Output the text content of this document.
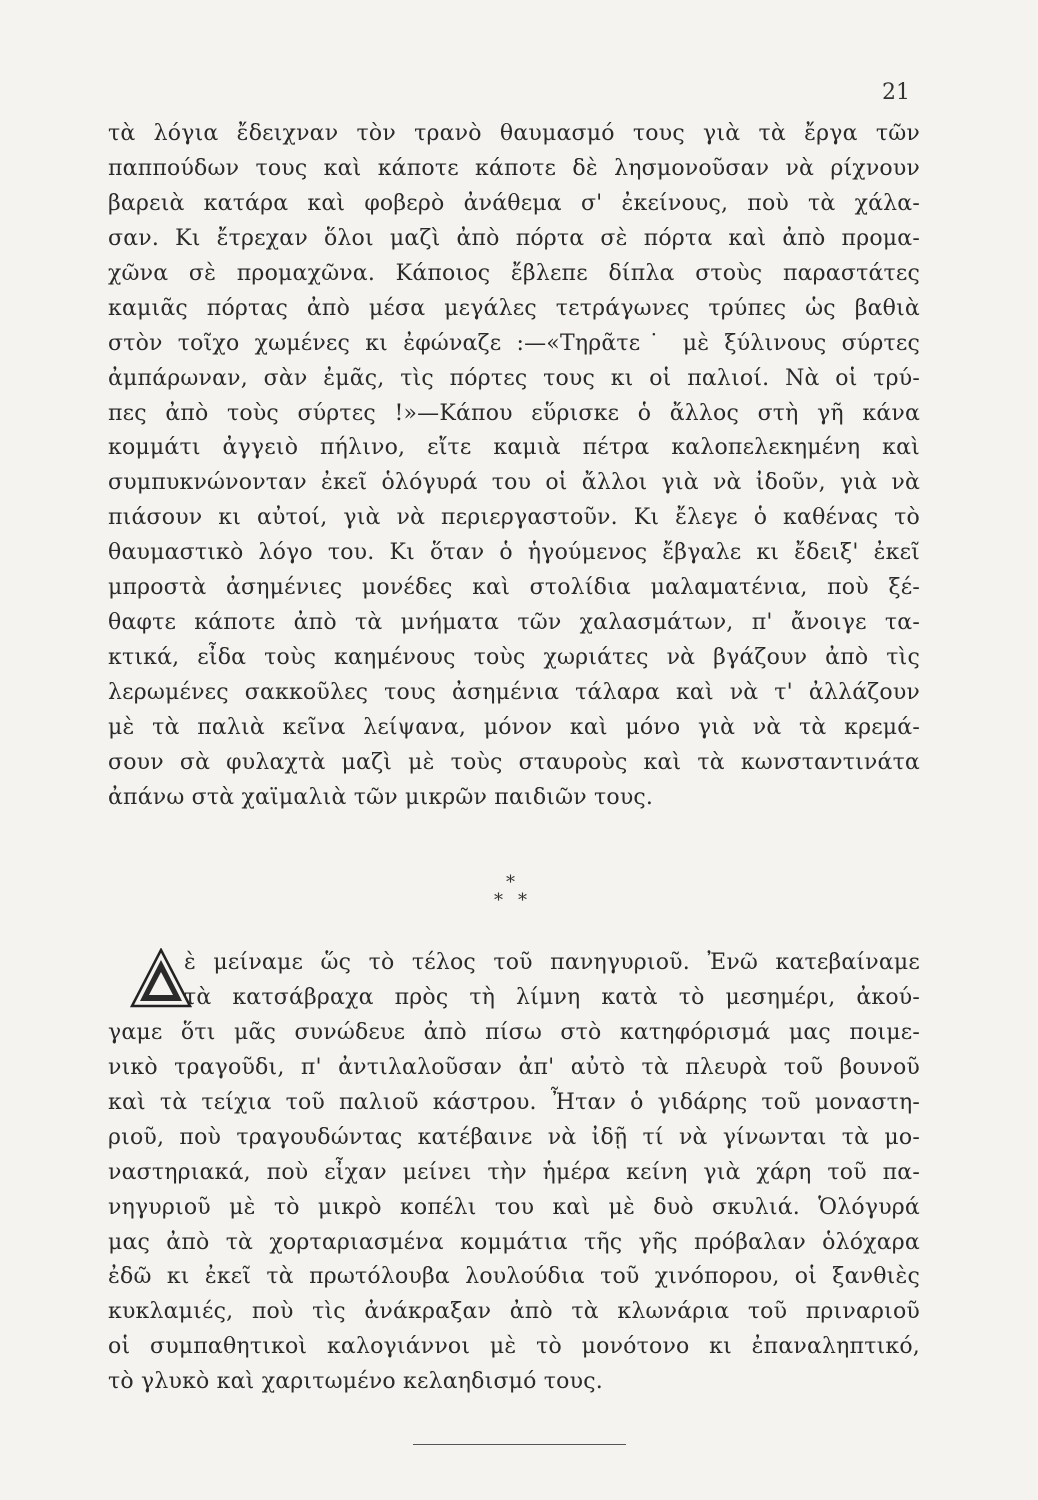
21
τὰ λόγια ἔδειχναν τὸν τρανὸ θαυμασμό τους γιὰ τὰ ἔργα τῶν
παππούδων τους καὶ κάποτε κάποτε δὲ λησμονοῦσαν νὰ ρίχνουν
βαρειὰ κατάρα καὶ φοβερὸ ἀνάθεμα σ' ἐκείνους, ποὺ τὰ χάλα-
σαν. Κι ἔτρεχαν ὅλοι μαζὶ ἀπὸ πόρτα σὲ πόρτα καὶ ἀπὸ προμα-
χῶνα σὲ προμαχῶνα. Κάποιος ἔβλεπε δίπλα στοὺς παραστάτες
καμιᾶς πόρτας ἀπὸ μέσα μεγάλες τετράγωνες τρύπες ὡς βαθιὰ
στὸν τοῖχο χωμένες κι ἐφώναζε :—«Τηρᾶτε˙ μὲ ξύλινους σύρτες
ἀμπάρωναν, σὰν ἐμᾶς, τὶς πόρτες τους κι οἱ παλιοί. Νὰ οἱ τρύ-
πες ἀπὸ τοὺς σύρτες !»—Κάπου εὕρισκε ὁ ἄλλος στὴ γῆ κάνα
κομμάτι ἀγγειὸ πήλινο, εἴτε καμιὰ πέτρα καλοπελεκημένη καὶ
συμπυκνώνονταν ἐκεῖ ὁλόγυρά του οἱ ἄλλοι γιὰ νὰ ἰδοῦν, γιὰ νὰ
πιάσουν κι αὐτοί, γιὰ νὰ περιεργαστοῦν. Κι ἔλεγε ὁ καθένας τὸ
θαυμαστικὸ λόγο του. Κι ὅταν ὁ ἡγούμενος ἔβγαλε κι ἔδειξ' ἐκεῖ
μπροστὰ ἀσημένιες μονέδες καὶ στολίδια μαλαματένια, ποὺ ξέ-
θαφτε κάποτε ἀπὸ τὰ μνήματα τῶν χαλασμάτων, π' ἄνοιγε τα-
κτικά, εἶδα τοὺς καημένους τοὺς χωριάτες νὰ βγάζουν ἀπὸ τὶς
λερωμένες σακκοῦλες τους ἀσημένια τάλαρα καὶ νὰ τ' ἀλλάζουν
μὲ τὰ παλιὰ κεῖνα λείψανα, μόνον καὶ μόνο γιὰ νὰ τὰ κρεμά-
σουν σὰ φυλαχτὰ μαζὶ μὲ τοὺς σταυροὺς καὶ τὰ κωνσταντινάτα
ἀπάνω στὰ χαϊμαλιὰ τῶν μικρῶν παιδιῶν τους.
*
* *
Δ
ὲ μείναμε ὥς τὸ τέλος τοῦ πανηγυριοῦ. Ἐνῶ κατεβαίναμε
τὰ κατσάβραχα πρὸς τὴ λίμνη κατὰ τὸ μεσημέρι, ἀκού-
γαμε ὅτι μᾶς συνώδευε ἀπὸ πίσω στὸ κατηφόρισμά μας ποιμε-
νικὸ τραγοῦδι, π' ἀντιλαλοῦσαν ἀπ' αὐτὸ τὰ πλευρὰ τοῦ βουνοῦ
καὶ τὰ τείχια τοῦ παλιοῦ κάστρου. Ἦταν ὁ γιδάρης τοῦ μοναστη-
ριοῦ, ποὺ τραγουδώντας κατέβαινε νὰ ἰδῇ τί νὰ γίνωνται τὰ μο-
ναστηριακά, ποὺ εἶχαν μείνει τὴν ἡμέρα κείνη γιὰ χάρη τοῦ πα-
νηγυριοῦ μὲ τὸ μικρὸ κοπέλι του καὶ μὲ δυὸ σκυλιά. Ὁλόγυρά
μας ἀπὸ τὰ χορταριασμένα κομμάτια τῆς γῆς πρόβαλαν ὁλόχαρα
ἐδῶ κι ἐκεῖ τὰ πρωτόλουβα λουλούδια τοῦ χινόπορου, οἱ ξανθιὲς
κυκλαμιές, ποὺ τὶς ἀνάκραξαν ἀπὸ τὰ κλωνάρια τοῦ πριναριοῦ
οἱ συμπαθητικοὶ καλογιάννοι μὲ τὸ μονότονο κι ἐπαναληπτικό,
τὸ γλυκὸ καὶ χαριτωμένο κελαηδισμό τους.
